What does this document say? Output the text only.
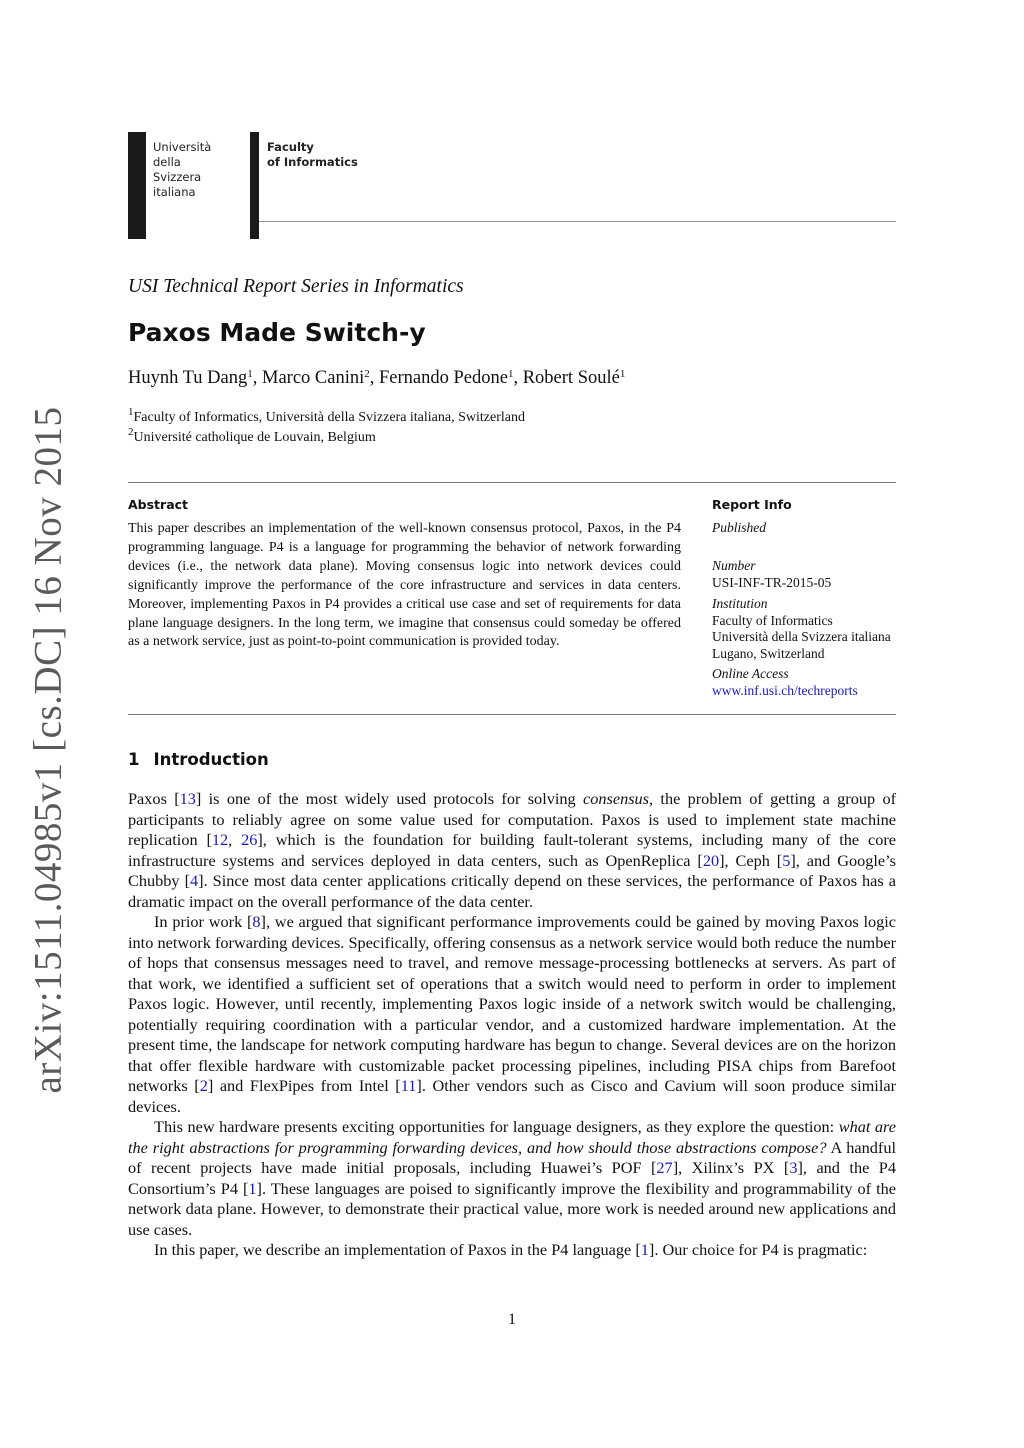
Università
della
Svizzera
italiana
Faculty
of Informatics
USI Technical Report Series in Informatics
Paxos Made Switch-y
Huynh Tu Dang$^1$, Marco Canini$^2$, Fernando Pedone$^1$, Robert Soulé$^1$
$^1$Faculty of Informatics, Università della Svizzera italiana, Switzerland
$^2$Université catholique de Louvain, Belgium
Abstract
This paper describes an implementation of the well-known consensus protocol, Paxos, in the P4 programming language. P4 is a language for programming the behavior of network forwarding devices (i.e., the network data plane). Moving consensus logic into network devices could significantly improve the performance of the core infrastructure and services in data centers. Moreover, implementing Paxos in P4 provides a critical use case and set of requirements for data plane language designers. In the long term, we imagine that consensus could someday be offered as a network service, just as point-to-point communication is provided today.
Report Info
Published
Number
USI-INF-TR-2015-05
Institution
Faculty of Informatics
Università della Svizzera italiana
Lugano, Switzerland
Online Access
www.inf.usi.ch/techreports
1 Introduction

Paxos [13] is one of the most widely used protocols for solving consensus, the problem of getting a group of participants to reliably agree on some value used for computation. Paxos is used to implement state machine replication [12, 26], which is the foundation for building fault-tolerant systems, including many of the core infrastructure systems and services deployed in data centers, such as OpenReplica [20], Ceph [5], and Google’s Chubby [4]. Since most data center applications critically depend on these services, the performance of Paxos has a dramatic impact on the overall performance of the data center.

In prior work [8], we argued that significant performance improvements could be gained by moving Paxos logic into network forwarding devices. Specifically, offering consensus as a network service would both reduce the number of hops that consensus messages need to travel, and remove message-processing bottlenecks at servers. As part of that work, we identified a sufficient set of operations that a switch would need to perform in order to implement Paxos logic. However, until recently, implementing Paxos logic inside of a network switch would be challenging, potentially requiring coordination with a particular vendor, and a customized hardware implementation. At the present time, the landscape for network computing hardware has begun to change. Several devices are on the horizon that offer flexible hardware with customizable packet processing pipelines, including PISA chips from Barefoot networks [2] and FlexPipes from Intel [11]. Other vendors such as Cisco and Cavium will soon produce similar devices.

This new hardware presents exciting opportunities for language designers, as they explore the question: what are the right abstractions for programming forwarding devices, and how should those abstractions compose? A handful of recent projects have made initial proposals, including Huawei’s POF [27], Xilinx’s PX [3], and the P4 Consortium’s P4 [1]. These languages are poised to significantly improve the flexibility and programmability of the network data plane. However, to demonstrate their practical value, more work is needed around new applications and use cases.

In this paper, we describe an implementation of Paxos in the P4 language [1]. Our choice for P4 is pragmatic:

arXiv:1511.04985v1 [cs.DC] 16 Nov 2015
1
